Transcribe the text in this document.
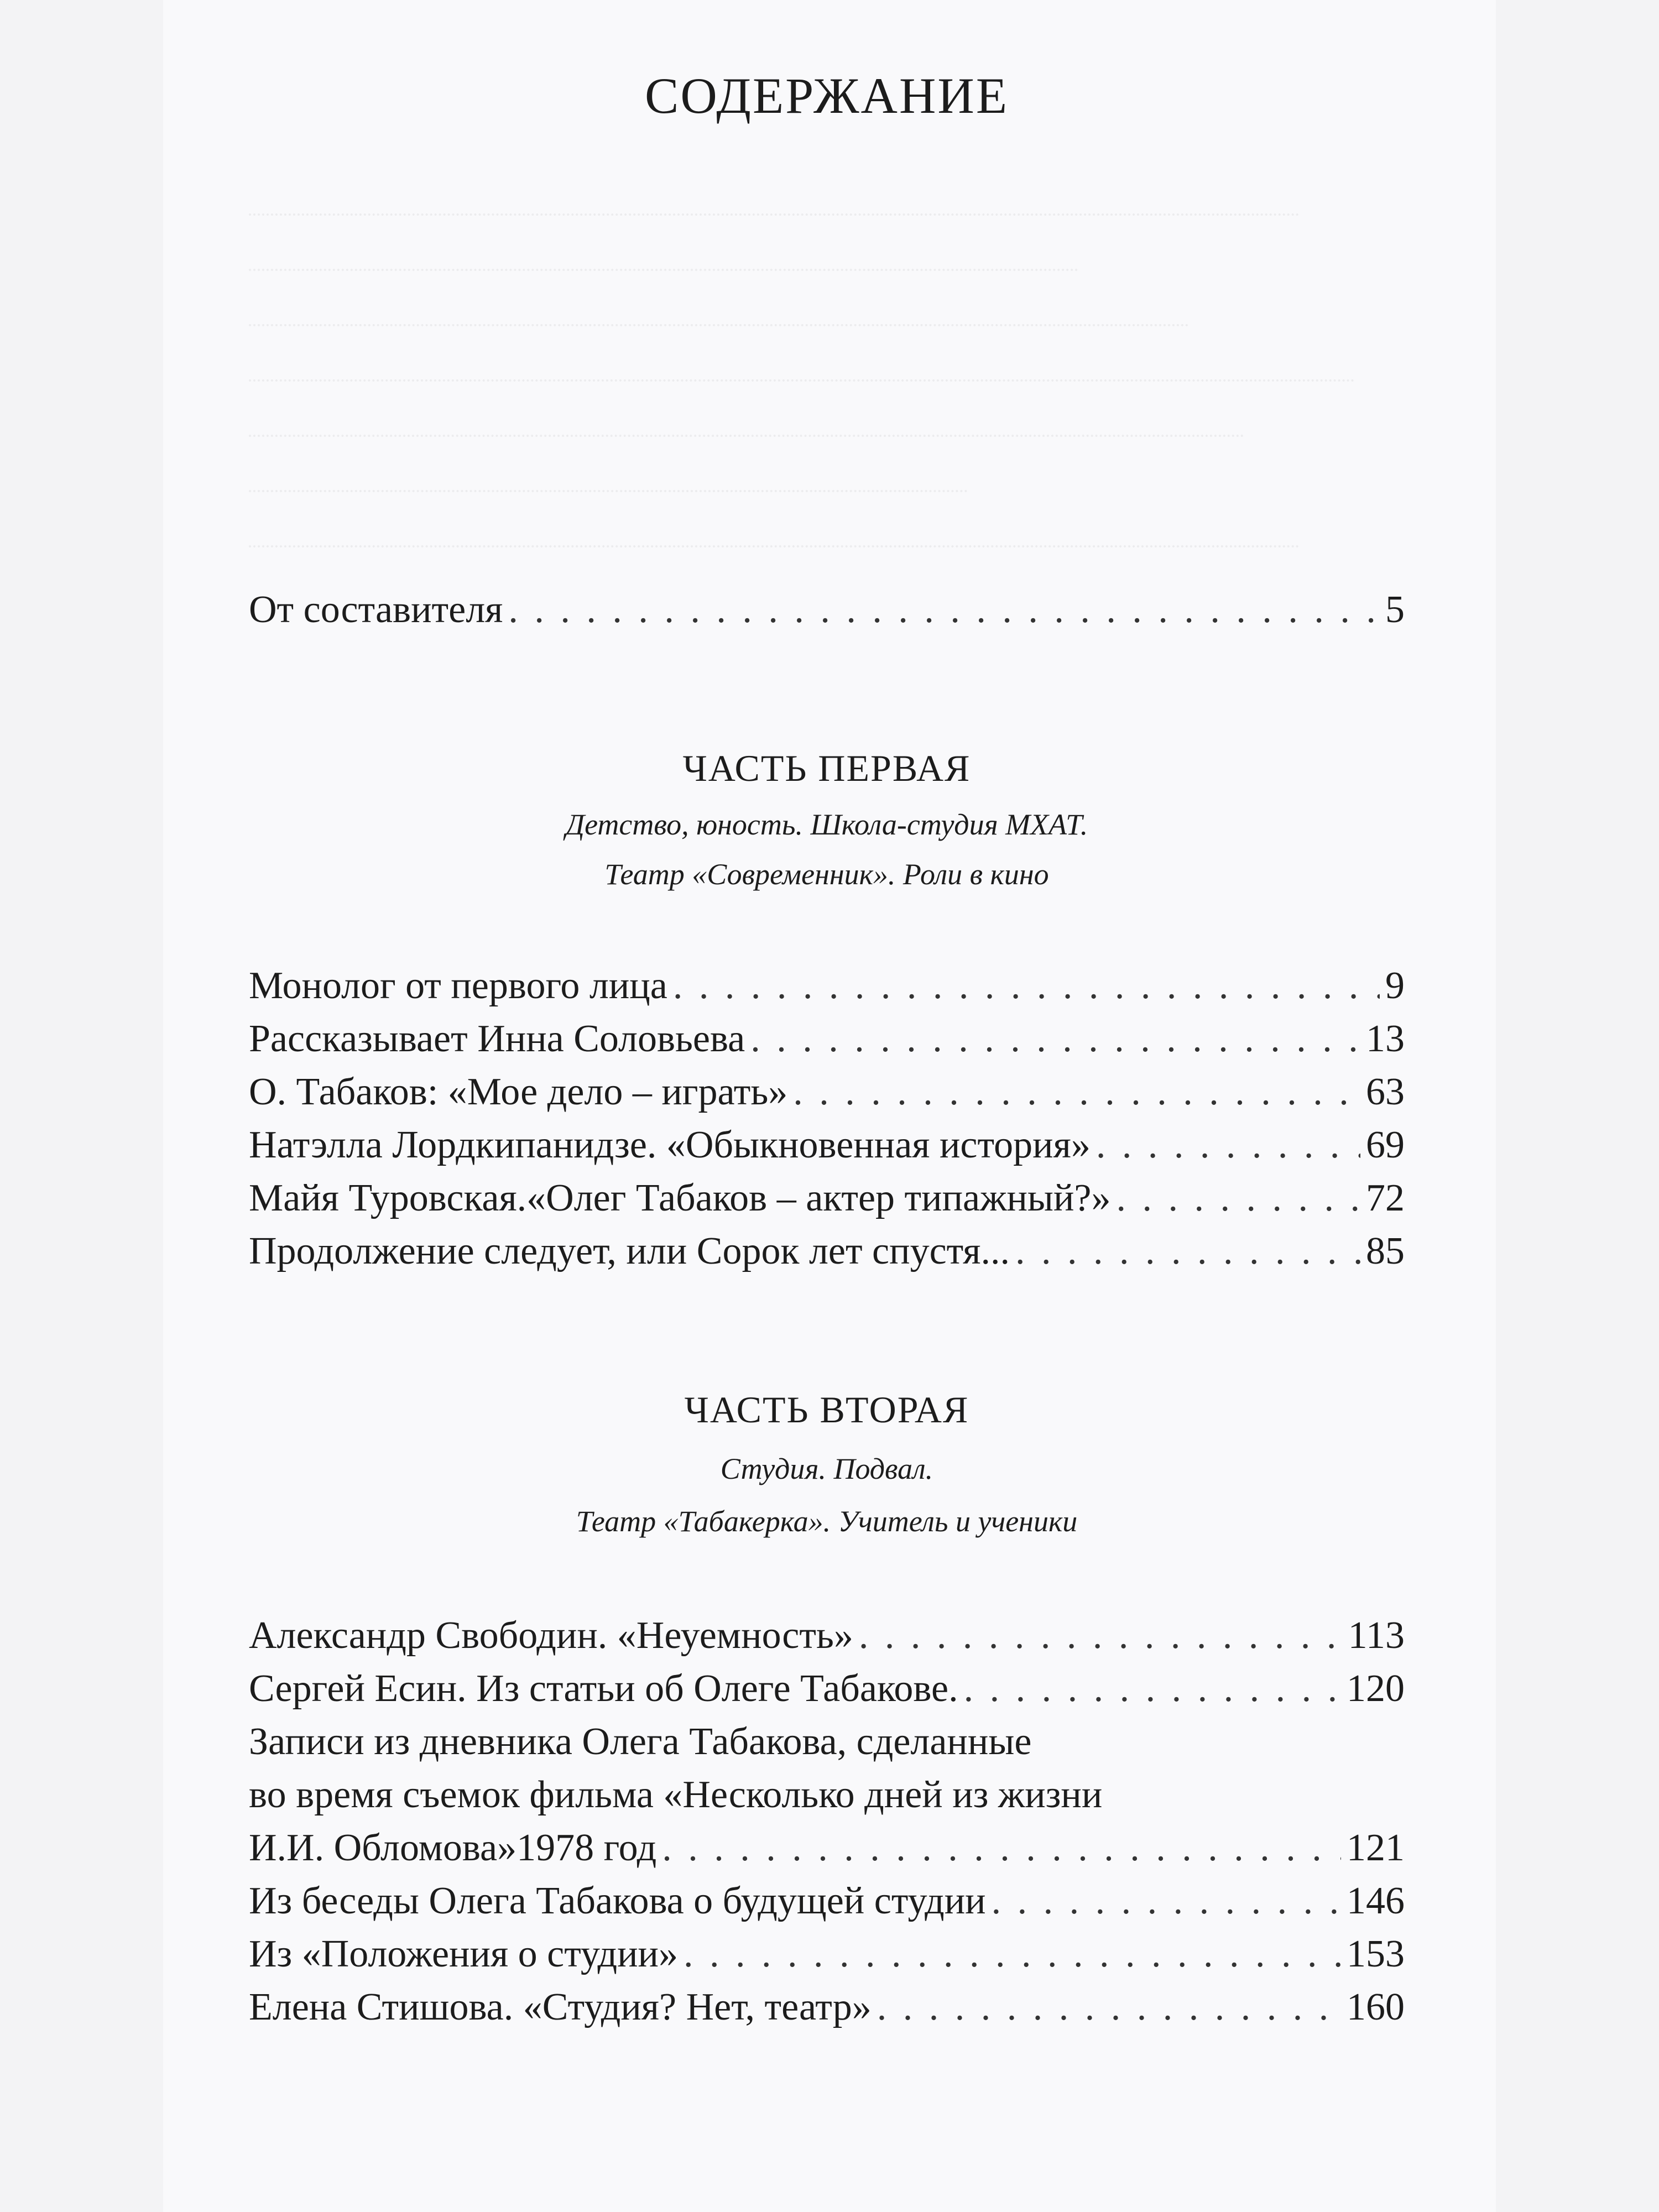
СОДЕРЖАНИЕ
От составителя . . .	5
ЧАСТЬ ПЕРВАЯ
Детство, юность. Школа-студия МХАТ.
Театр «Современник». Роли в кино
Монолог от первого лица . . .	9
Рассказывает Инна Соловьева . . .	13
О. Табаков: «Мое дело – играть» . . .	63
Натэлла Лордкипанидзе. «Обыкновенная история» . . .	69
Майя Туровская.«Олег Табаков – актер типажный?» . . .	72
Продолжение следует, или Сорок лет спустя... . . .	85
ЧАСТЬ ВТОРАЯ
Студия. Подвал.
Театр «Табакерка». Учитель и ученики
Александр Свободин. «Неуемность» . . .	113
Сергей Есин. Из статьи об Олеге Табакове. . . .	120
Записи из дневника Олега Табакова, сделанные
во время съемок фильма «Несколько дней из жизни
И.И. Обломова»1978 год . . .	121
Из беседы Олега Табакова о будущей студии . . .	146
Из «Положения о студии» . . .	153
Елена Стишова. «Студия? Нет, театр» . . .	160
